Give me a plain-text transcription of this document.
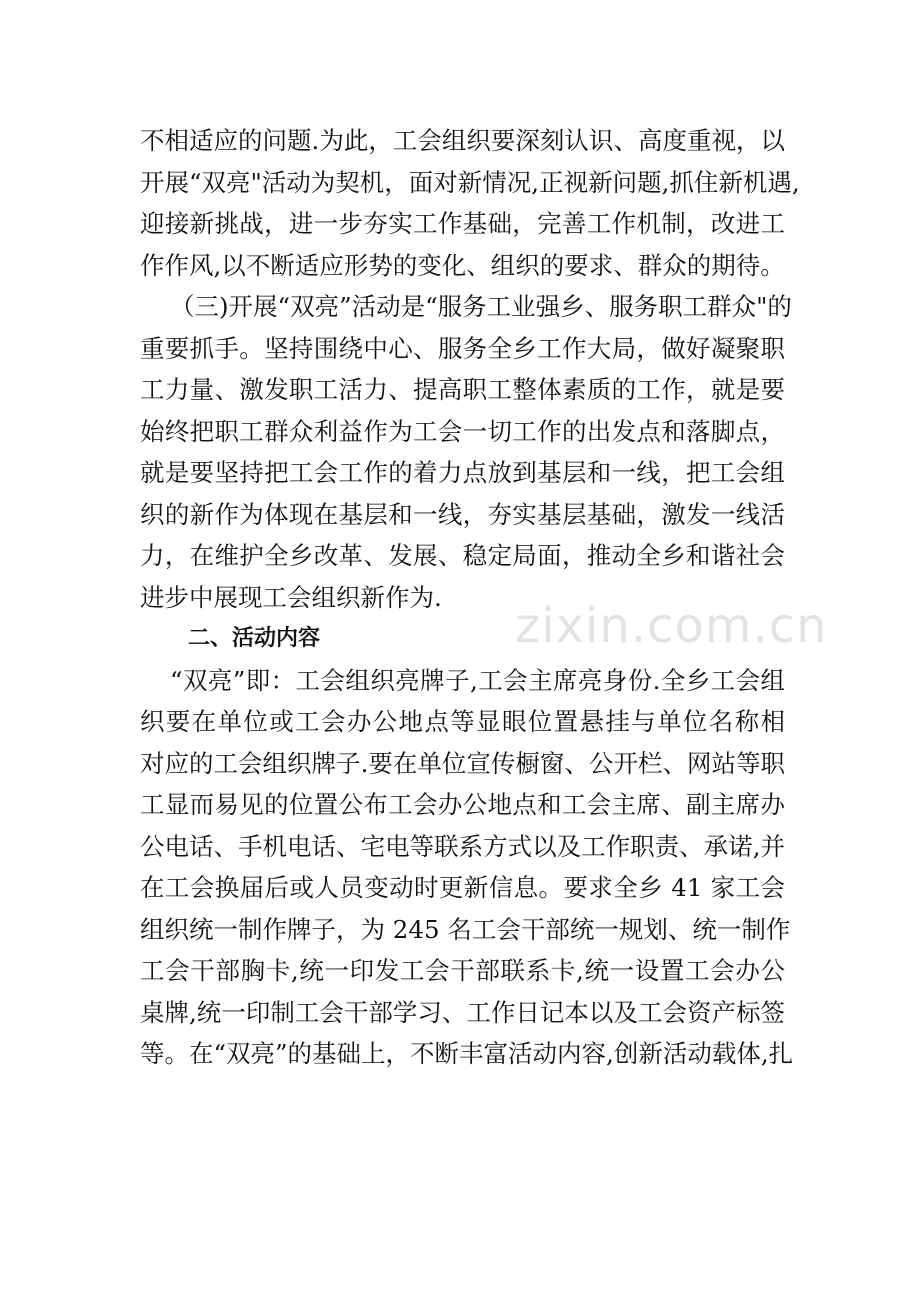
不相适应的问题.为此，工会组织要深刻认识、高度重视，以
开展“双亮"活动为契机，面对新情况,正视新问题,抓住新机遇,
迎接新挑战，进一步夯实工作基础，完善工作机制，改进工
作作风,以不断适应形势的变化、组织的要求、群众的期待。
（三)开展“双亮”活动是“服务工业强乡、服务职工群众"的
重要抓手。坚持围绕中心、服务全乡工作大局，做好凝聚职
工力量、激发职工活力、提高职工整体素质的工作，就是要
始终把职工群众利益作为工会一切工作的出发点和落脚点，
就是要坚持把工会工作的着力点放到基层和一线，把工会组
织的新作为体现在基层和一线，夯实基层基础，激发一线活
力，在维护全乡改革、发展、稳定局面，推动全乡和谐社会
进步中展现工会组织新作为.
二、活动内容
“双亮”即：工会组织亮牌子,工会主席亮身份.全乡工会组
织要在单位或工会办公地点等显眼位置悬挂与单位名称相
对应的工会组织牌子.要在单位宣传橱窗、公开栏、网站等职
工显而易见的位置公布工会办公地点和工会主席、副主席办
公电话、手机电话、宅电等联系方式以及工作职责、承诺,并
在工会换届后或人员变动时更新信息。要求全乡 41 家工会
组织统一制作牌子，为 245 名工会干部统一规划、统一制作
工会干部胸卡,统一印发工会干部联系卡,统一设置工会办公
桌牌,统一印制工会干部学习、工作日记本以及工会资产标签
等。在“双亮”的基础上，不断丰富活动内容,创新活动载体,扎
zixin.com.cn
